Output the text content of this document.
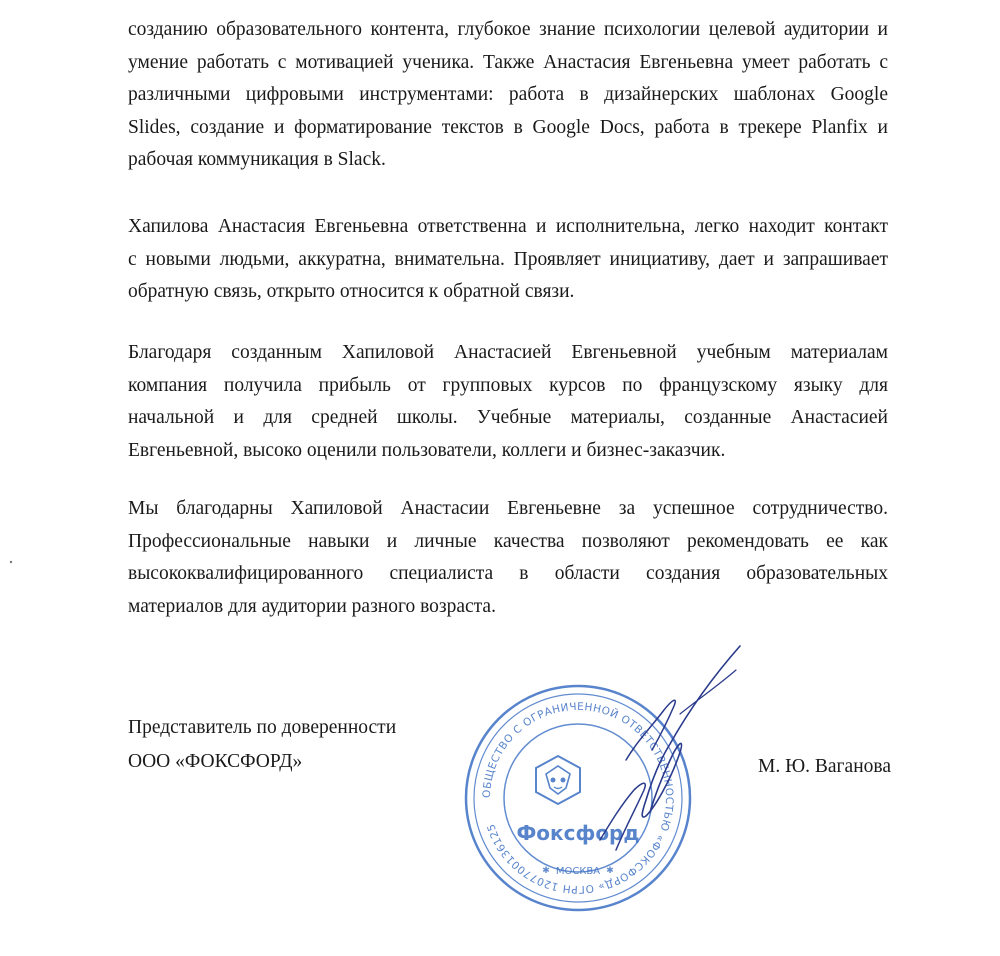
созданию образовательного контента, глубокое знание психологии целевой аудитории и
умение работать с мотивацией ученика. Также Анастасия Евгеньевна умеет работать с
различными цифровыми инструментами: работа в дизайнерских шаблонах Google
Slides, создание и форматирование текстов в Google Docs, работа в трекере Planfix и
рабочая коммуникация в Slack.
Хапилова Анастасия Евгеньевна ответственна и исполнительна, легко находит контакт
с новыми людьми, аккуратна, внимательна. Проявляет инициативу, дает и запрашивает
обратную связь, открыто относится к обратной связи.
Благодаря созданным Хапиловой Анастасией Евгеньевной учебным материалам
компания получила прибыль от групповых курсов по французскому языку для
начальной и для средней школы. Учебные материалы, созданные Анастасией
Евгеньевной, высоко оценили пользователи, коллеги и бизнес-заказчик.
Мы благодарны Хапиловой Анастасии Евгеньевне за успешное сотрудничество.
Профессиональные навыки и личные качества позволяют рекомендовать ее как
высококвалифицированного специалиста в области создания образовательных
материалов для аудитории разного возраста.
Представитель по доверенности
ООО «ФОКСФОРД»	М. Ю. Ваганова
ОБЩЕСТВО С ОГРАНИЧЕННОЙ ОТВЕТСТВЕННОСТЬЮ «ФОКСФОРД» ОГРН 1207700136125 Фоксфорд
МОСКВА
✱	✱
